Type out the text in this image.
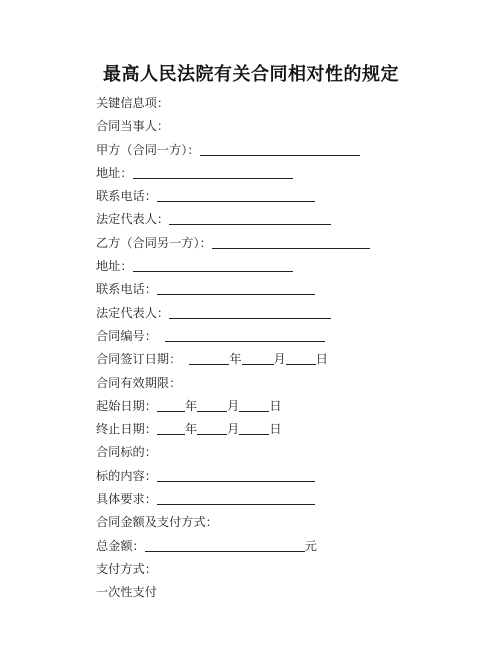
最高人民法院有关合同相对性的规定
关键信息项：
合同当事人：
甲方（合同一方）：
地址：
联系电话：
法定代表人：
乙方（合同另一方）：
地址：
联系电话：
法定代表人：
合同编号：
合同签订日期：	年	月 日
合同有效期限：
起始日期： 年 月 日
终止日期： 年 月 日
合同标的：
标的内容：
具体要求：
合同金额及支付方式：
总金额：	元
支付方式：
一次性支付
